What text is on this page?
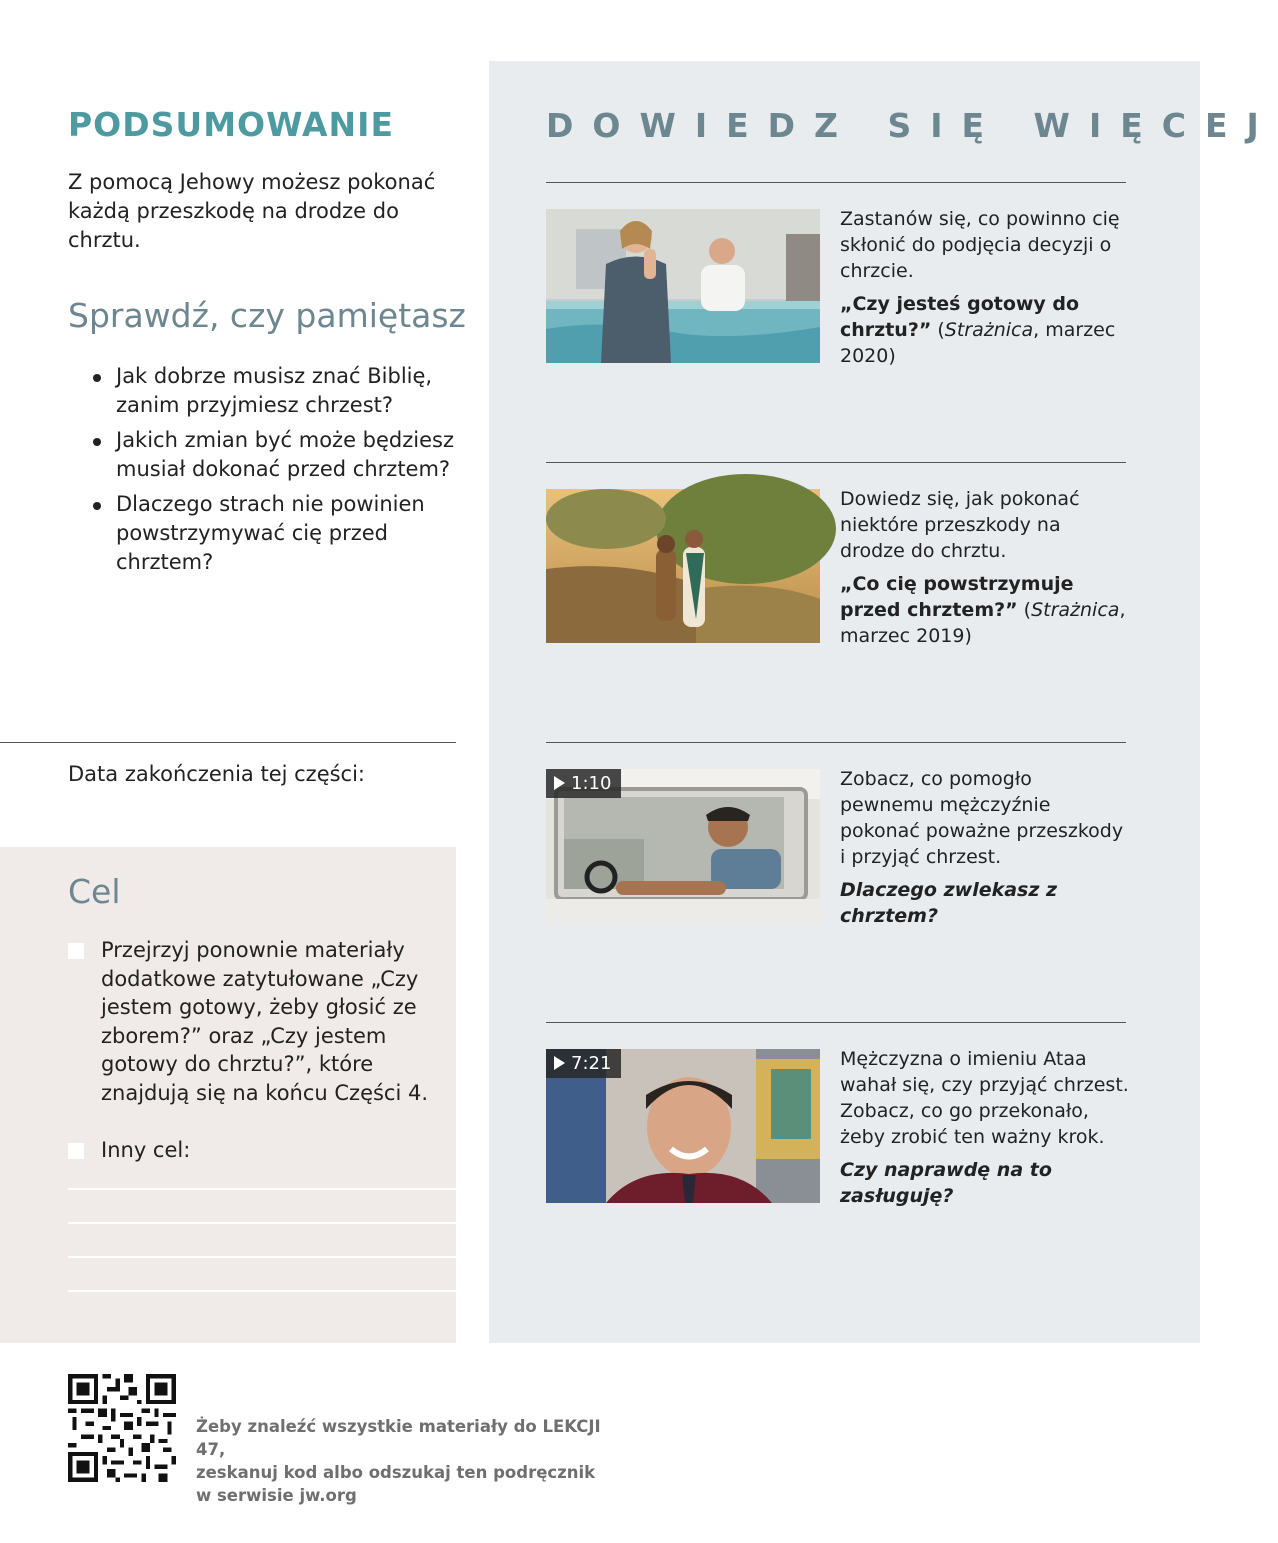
PODSUMOWANIE
Z pomocą Jehowy możesz pokonać każdą przeszkodę na drodze do chrztu.
Sprawdź, czy pamiętasz
Jak dobrze musisz znać Biblię, zanim przyjmiesz chrzest?
Jakich zmian być może będziesz musiał dokonać przed chrztem?
Dlaczego strach nie powinien powstrzymywać cię przed chrztem?
Data zakończenia tej części:
Cel
Przejrzyj ponownie materiały dodatkowe zatytułowane „Czy jestem gotowy, żeby głosić ze zborem?” oraz „Czy jestem gotowy do chrztu?”, które znajdują się na końcu Części 4.
Inny cel:
DOWIEDZ SIĘ WIĘCEJ
Zastanów się, co powinno cię skłonić do podjęcia decyzji o chrzcie.
„Czy jesteś gotowy do chrztu?” (Strażnica, marzec 2020)
Dowiedz się, jak pokonać niektóre przeszkody na drodze do chrztu.
„Co cię powstrzymuje przed chrztem?” (Strażnica, marzec 2019)
1:10	Zobacz, co pomogło pewnemu mężczyźnie pokonać poważne przeszkody i przyjąć chrzest.
Dlaczego zwlekasz z chrztem?
7:21	Mężczyzna o imieniu Ataa wahał się, czy przyjąć chrzest. Zobacz, co go przekonało, żeby zrobić ten ważny krok.
Czy naprawdę na to zasługuję?
Żeby znaleźć wszystkie materiały do LEKCJI 47,
zeskanuj kod albo odszukaj ten podręcznik
w serwisie jw.org
